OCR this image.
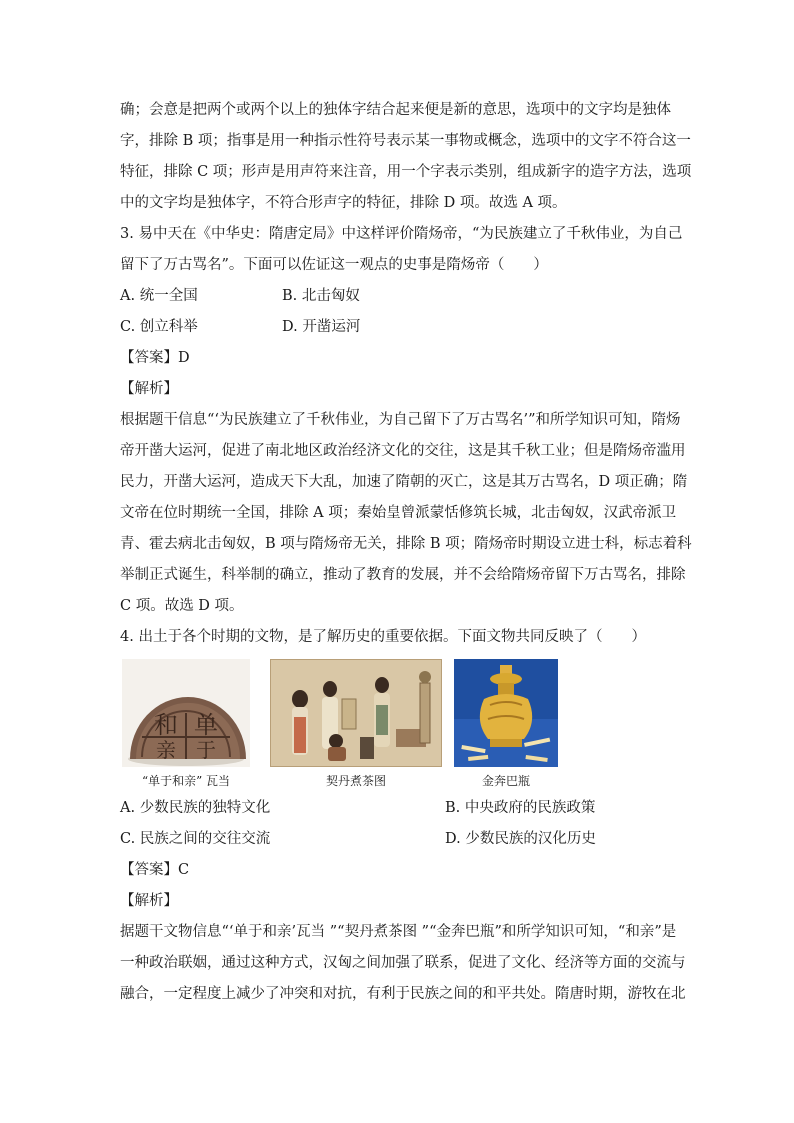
确；会意是把两个或两个以上的独体字结合起来便是新的意思，选项中的文字均是独体
字，排除 B 项；指事是用一种指示性符号表示某一事物或概念，选项中的文字不符合这一
特征，排除 C 项；形声是用声符来注音，用一个字表示类别，组成新字的造字方法，选项
中的文字均是独体字，不符合形声字的特征，排除 D 项。故选 A 项。
3. 易中天在《中华史：隋唐定局》中这样评价隋炀帝，“为民族建立了千秋伟业，为自己
留下了万古骂名”。下面可以佐证这一观点的史事是隋炀帝（　　）
A. 统一全国	B. 北击匈奴
C. 创立科举	D. 开凿运河
【答案】D
【解析】
根据题干信息“‘为民族建立了千秋伟业，为自己留下了万古骂名’”和所学知识可知，隋炀
帝开凿大运河，促进了南北地区政治经济文化的交往，这是其千秋工业；但是隋炀帝滥用
民力，开凿大运河，造成天下大乱，加速了隋朝的灭亡，这是其万古骂名，D 项正确；隋
文帝在位时期统一全国，排除 A 项；秦始皇曾派蒙恬修筑长城，北击匈奴，汉武帝派卫
青、霍去病北击匈奴，B 项与隋炀帝无关，排除 B 项；隋炀帝时期设立进士科，标志着科
举制正式诞生，科举制的确立，推动了教育的发展，并不会给隋炀帝留下万古骂名，排除
C 项。故选 D 项。
4. 出土于各个时期的文物，是了解历史的重要依据。下面文物共同反映了（　　）
和 单
亲 于
“单于和亲” 瓦当	契丹煮茶图	金奔巴瓶
A. 少数民族的独特文化	B. 中央政府的民族政策
C. 民族之间的交往交流	D. 少数民族的汉化历史
【答案】C
【解析】
据题干文物信息“‘单于和亲’瓦当 ”“契丹煮茶图 ”“金奔巴瓶”和所学知识可知，“和亲”是
一种政治联姻，通过这种方式，汉匈之间加强了联系，促进了文化、经济等方面的交流与
融合，一定程度上减少了冲突和对抗，有利于民族之间的和平共处。隋唐时期，游牧在北
